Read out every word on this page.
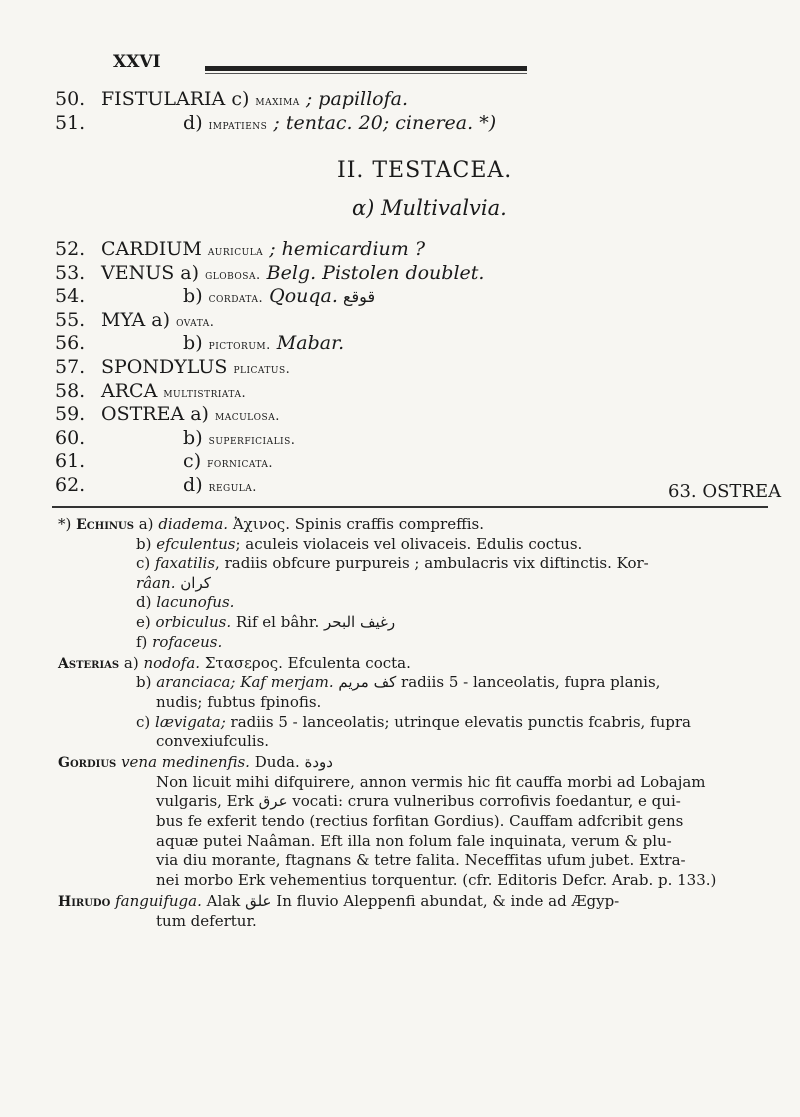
XXVI
50. FISTULARIA c) maxima ; papillofa.
51.    	d) impatiens ; tentac. 20; cinerea. *)
II. TESTACEA.
α) Multivalvia.
52. CARDIUM auricula ; hemicardium ?
53. VENUS a) globosa. Belg. Pistolen doublet.
54.    	b) cordata. Qouqa. قوقع
55. MYA a) ovata.
56.    	b) pictorum. Mabar.
57. SPONDYLUS plicatus.
58. ARCA multistriata.
59. OSTREA a) maculosa.
60.    	b) superficialis.
61.    	c) fornicata.
62.    	d) regula.	63. OSTREA
*) Echinus a) diadema. Ἀχινος. Spinis craffis compreffis.
b) efculentus; aculeis violaceis vel olivaceis. Edulis coctus.
c) faxatilis, radiis obfcure purpureis ; ambulacris vix diftinctis. Kor-
râan. كران
d) lacunofus.
e) orbiculus. Rif el bâhr. رغيف البحر
f) rofaceus.
Asterias a) nodofa. Στασερος. Efculenta cocta.
b) aranciaca; Kaf merjam. كف مريم radiis 5 - lanceolatis, fupra planis,
nudis; fubtus fpinofis.
c) lævigata; radiis 5 - lanceolatis; utrinque elevatis punctis fcabris, fupra
convexiufculis.
Gordius vena medinenfis. Duda. دودة
Non licuit mihi difquirere, annon vermis hic fit cauffa morbi ad Lobajam
vulgaris, Erk عرق vocati: crura vulneribus corrofivis foedantur, e qui-
bus fe exferit tendo (rectius forfitan Gordius). Cauffam adfcribit gens
aquæ putei Naâman. Eft illa non folum fale inquinata, verum & plu-
via diu morante, ftagnans & tetre falita. Neceffitas ufum jubet. Extra-
nei morbo Erk vehementius torquentur. (cfr. Editoris Defcr. Arab. p. 133.)
Hirudo fanguifuga. Alak علق In fluvio Aleppenfi abundat, & inde ad Ægyp-
tum defertur.
